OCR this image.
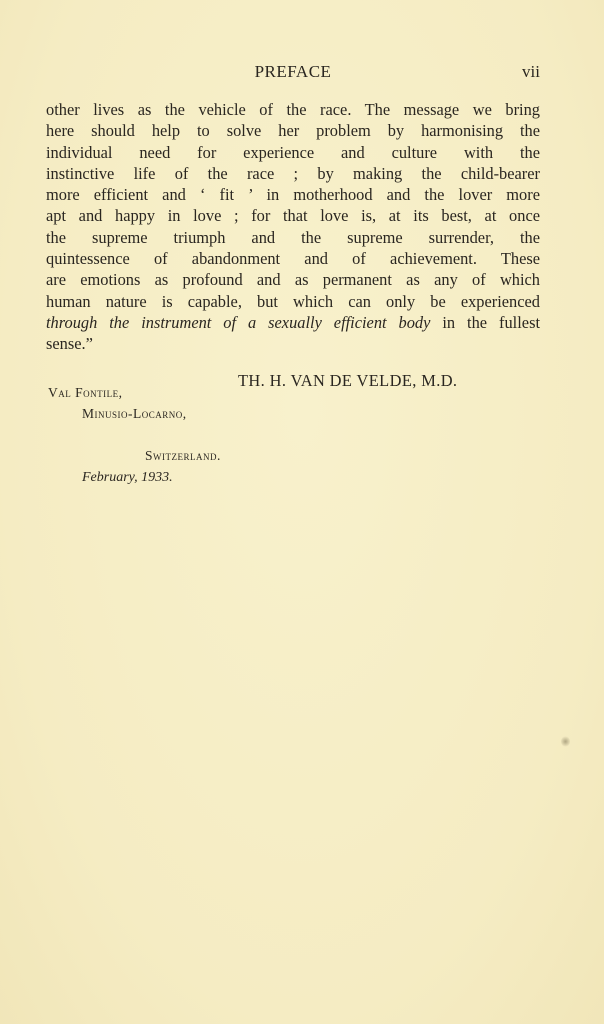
PREFACE	vii
other lives as the vehicle of the race. The message we bring
here should help to solve her problem by harmonising the
individual need for experience and culture with the
instinctive life of the race ; by making the child-bearer
more efficient and ‘ fit ’ in motherhood and the lover more
apt and happy in love ; for that love is, at its best, at once
the supreme triumph and the supreme surrender, the
quintessence of abandonment and of achievement. These
are emotions as profound and as permanent as any of which
human nature is capable, but which can only be experienced
through the instrument of a sexually efficient body in the fullest
sense.”
TH. H. VAN DE VELDE, M.D.
Val Fontile,
Minusio-Locarno,
Switzerland.
February, 1933.
